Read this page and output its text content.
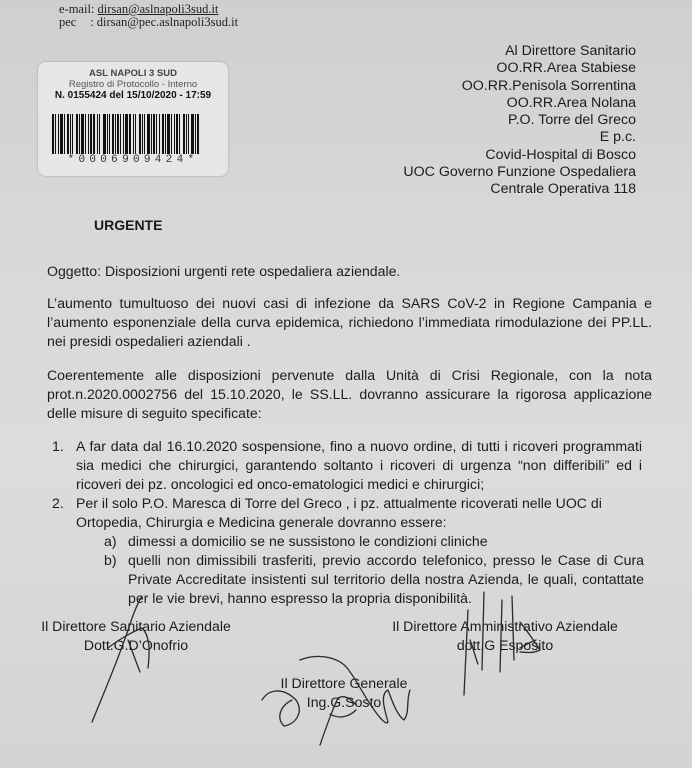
e-mail: dirsan@aslnapoli3sud.it
pec : dirsan@pec.aslnapoli3sud.it
ASL NAPOLI 3 SUD
Registro di Protocollo - Interno
N. 0155424 del 15/10/2020 - 17:59
*0006909424*
Al Direttore Sanitario
OO.RR.Area Stabiese
OO.RR.Penisola Sorrentina
OO.RR.Area Nolana
P.O. Torre del Greco
E p.c.
Covid-Hospital di Bosco
UOC Governo Funzione Ospedaliera
Centrale Operativa 118
URGENTE
Oggetto: Disposizioni urgenti rete ospedaliera aziendale.
L’aumento tumultuoso dei nuovi casi di infezione da SARS CoV-2 in Regione Campania e l’aumento esponenziale della curva epidemica, richiedono l’immediata rimodulazione dei PP.LL. nei presidi ospedalieri aziendali .
Coerentemente alle disposizioni pervenute dalla Unità di Crisi Regionale, con la nota prot.n.2020.0002756 del 15.10.2020, le SS.LL. dovranno assicurare la rigorosa applicazione delle misure di seguito specificate:
1. A far data dal 16.10.2020 sospensione, fino a nuovo ordine, di tutti i ricoveri programmati sia medici che chirurgici, garantendo soltanto i ricoveri di urgenza “non differibili” ed i ricoveri dei pz. oncologici ed onco-ematologici medici e chirurgici;
2. Per il solo P.O. Maresca di Torre del Greco , i pz. attualmente ricoverati nelle UOC di Ortopedia, Chirurgia e Medicina generale dovranno essere:
a) dimessi a domicilio se ne sussistono le condizioni cliniche
b) quelli non dimissibili trasferiti, previo accordo telefonico, presso le Case di Cura Private Accreditate insistenti sul territorio della nostra Azienda, le quali, contattate per le vie brevi, hanno espresso la propria disponibilità.
Il Direttore Sanitario Aziendale
Dott.G.D’Onofrio
Il Direttore Amministrativo Aziendale
dott.G Esposito
Il Direttore Generale
Ing.G.Sosto
